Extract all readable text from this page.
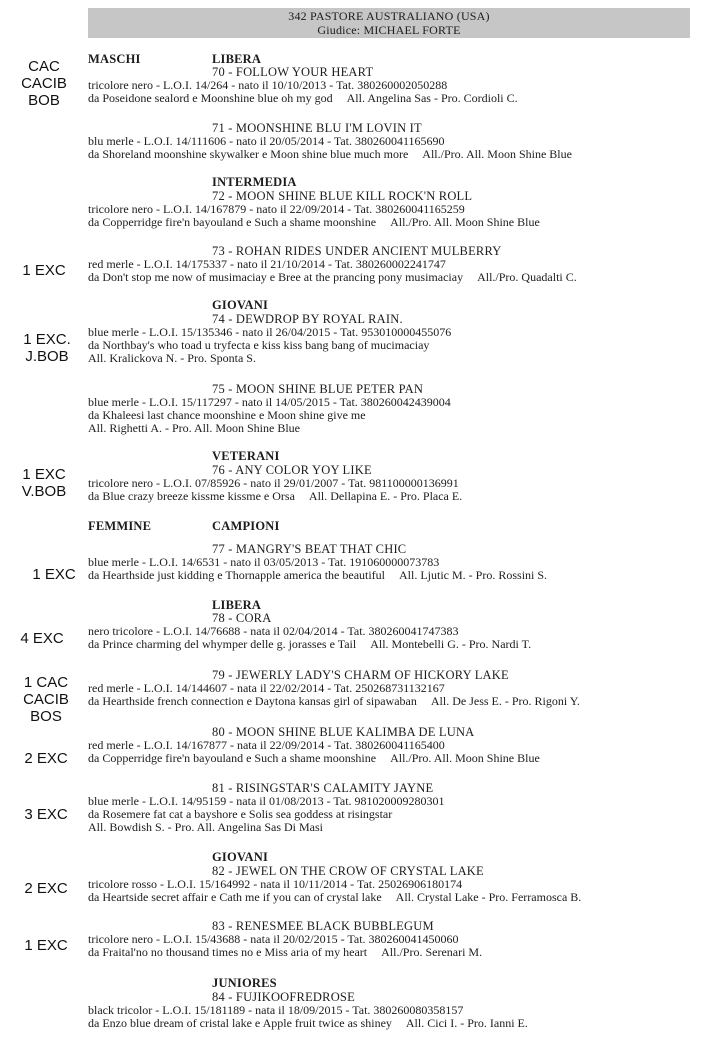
342 PASTORE AUSTRALIANO (USA)
Giudice: MICHAEL FORTE
MASCHI	LIBERA
INTERMEDIA
GIOVANI
VETERANI
FEMMINE	CAMPIONI
LIBERA
GIOVANI
JUNIORES
70 - FOLLOW YOUR HEART
tricolore nero - L.O.I. 14/264 - nato il 10/10/2013 - Tat. 380260002050288
da Poseidone sealord e Moonshine blue oh my god All. Angelina Sas - Pro. Cordioli C.
71 - MOONSHINE BLU I'M LOVIN IT
blu merle - L.O.I. 14/111606 - nato il 20/05/2014 - Tat. 380260041165690
da Shoreland moonshine skywalker e Moon shine blue much more All./Pro. All. Moon Shine Blue
72 - MOON SHINE BLUE KILL ROCK'N ROLL
tricolore nero - L.O.I. 14/167879 - nato il 22/09/2014 - Tat. 380260041165259
da Copperridge fire'n bayouland e Such a shame moonshine All./Pro. All. Moon Shine Blue
73 - ROHAN RIDES UNDER ANCIENT MULBERRY
red merle - L.O.I. 14/175337 - nato il 21/10/2014 - Tat. 380260002241747
da Don't stop me now of musimaciay e Bree at the prancing pony musimaciay All./Pro. Quadalti C.
74 - DEWDROP BY ROYAL RAIN.
blue merle - L.O.I. 15/135346 - nato il 26/04/2015 - Tat. 953010000455076
da Northbay's who toad u tryfecta e kiss kiss bang bang of mucimaciay
All. Kralickova N. - Pro. Sponta S.
75 - MOON SHINE BLUE PETER PAN
blue merle - L.O.I. 15/117297 - nato il 14/05/2015 - Tat. 380260042439004
da Khaleesi last chance moonshine e Moon shine give me
All. Righetti A. - Pro. All. Moon Shine Blue
76 - ANY COLOR YOY LIKE
tricolore nero - L.O.I. 07/85926 - nato il 29/01/2007 - Tat. 981100000136991
da Blue crazy breeze kissme kissme e Orsa All. Dellapina E. - Pro. Placa E.
77 - MANGRY'S BEAT THAT CHIC
blue merle - L.O.I. 14/6531 - nato il 03/05/2013 - Tat. 191060000073783
da Hearthside just kidding e Thornapple america the beautiful All. Ljutic M. - Pro. Rossini S.
78 - CORA
nero tricolore - L.O.I. 14/76688 - nata il 02/04/2014 - Tat. 380260041747383
da Prince charming del whymper delle g. jorasses e Tail All. Montebelli G. - Pro. Nardi T.
79 - JEWERLY LADY'S CHARM OF HICKORY LAKE
red merle - L.O.I. 14/144607 - nata il 22/02/2014 - Tat. 250268731132167
da Hearthside french connection e Daytona kansas girl of sipawaban All. De Jess E. - Pro. Rigoni Y.
80 - MOON SHINE BLUE KALIMBA DE LUNA
red merle - L.O.I. 14/167877 - nata il 22/09/2014 - Tat. 380260041165400
da Copperridge fire'n bayouland e Such a shame moonshine All./Pro. All. Moon Shine Blue
81 - RISINGSTAR'S CALAMITY JAYNE
blue merle - L.O.I. 14/95159 - nata il 01/08/2013 - Tat. 981020009280301
da Rosemere fat cat a bayshore e Solis sea goddess at risingstar
All. Bowdish S. - Pro. All. Angelina Sas Di Masi
82 - JEWEL ON THE CROW OF CRYSTAL LAKE
tricolore rosso - L.O.I. 15/164992 - nata il 10/11/2014 - Tat. 25026906180174
da Heartside secret affair e Cath me if you can of crystal lake All. Crystal Lake - Pro. Ferramosca B.
83 - RENESMEE BLACK BUBBLEGUM
tricolore nero - L.O.I. 15/43688 - nata il 20/02/2015 - Tat. 380260041450060
da Fraital'no no thousand times no e Miss aria of my heart All./Pro. Serenari M.
84 - FUJIKOOFREDROSE
black tricolor - L.O.I. 15/181189 - nata il 18/09/2015 - Tat. 380260080358157
da Enzo blue dream of cristal lake e Apple fruit twice as shiney All. Cici I. - Pro. Ianni E.
CAC
CACIB
BOB
1 EXC
1 EXC.
J.BOB
1 EXC
V.BOB
1 EXC
4 EXC
1 CAC
CACIB
BOS
2 EXC
3 EXC
2 EXC
1 EXC
